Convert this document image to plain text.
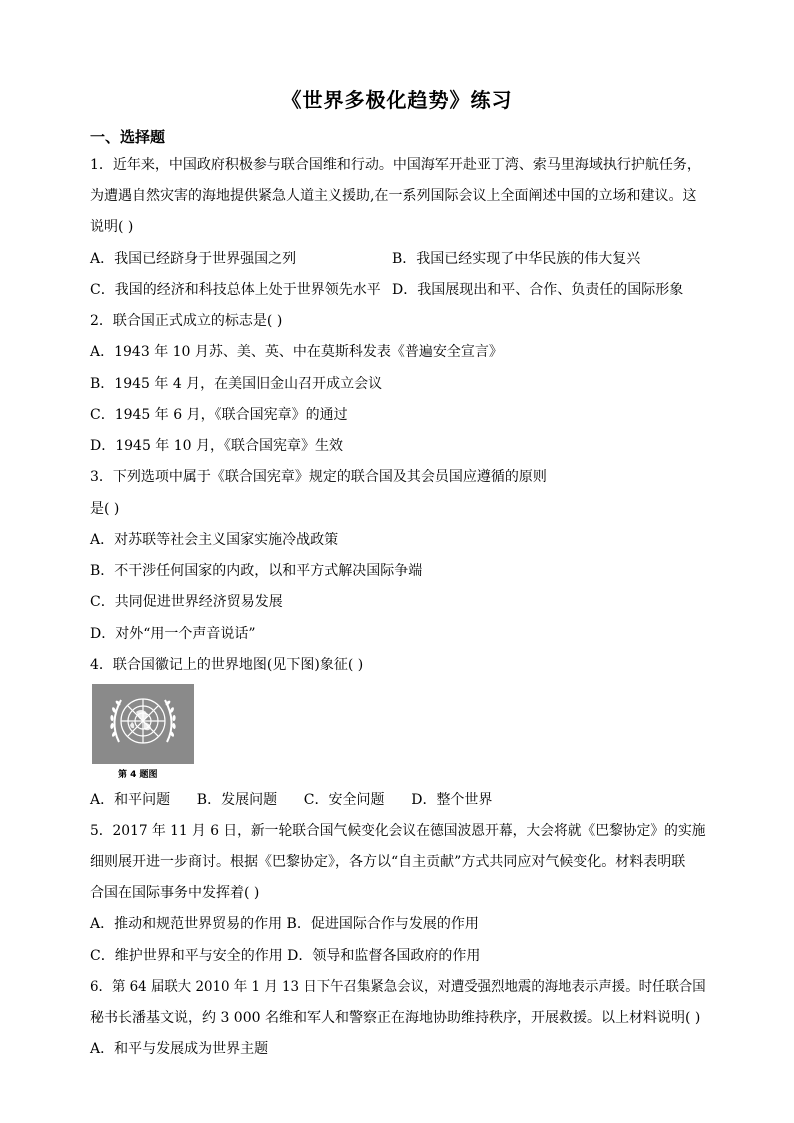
《世界多极化趋势》练习
一、选择题
1．近年来，中国政府积极参与联合国维和行动。中国海军开赴亚丁湾、索马里海域执行护航任务，
为遭遇自然灾害的海地提供紧急人道主义援助,在一系列国际会议上全面阐述中国的立场和建议。这
说明( )
A．我国已经跻身于世界强国之列	B．我国已经实现了中华民族的伟大复兴
C．我国的经济和科技总体上处于世界领先水平 D．我国展现出和平、合作、负责任的国际形象
2．联合国正式成立的标志是( )
A．1943 年 10 月苏、美、英、中在莫斯科发表《普遍安全宣言》
B．1945 年 4 月，在美国旧金山召开成立会议
C．1945 年 6 月，《联合国宪章》的通过
D．1945 年 10 月，《联合国宪章》生效
3．下列选项中属于《联合国宪章》规定的联合国及其会员国应遵循的原则
是( )
A．对苏联等社会主义国家实施冷战政策
B．不干涉任何国家的内政，以和平方式解决国际争端
C．共同促进世界经济贸易发展
D．对外“用一个声音说话”
4．联合国徽记上的世界地图(见下图)象征( )
第 4 题图
A．和平问题      B．发展问题      C．安全问题      D．整个世界
5．2017 年 11 月 6 日，新一轮联合国气候变化会议在德国波恩开幕，大会将就《巴黎协定》的实施
细则展开进一步商讨。根据《巴黎协定》，各方以“自主贡献”方式共同应对气候变化。材料表明联
合国在国际事务中发挥着( )
A．推动和规范世界贸易的作用 B．促进国际合作与发展的作用
C．维护世界和平与安全的作用 D．领导和监督各国政府的作用
6．第 64 届联大 2010 年 1 月 13 日下午召集紧急会议，对遭受强烈地震的海地表示声援。时任联合国
秘书长潘基文说，约 3 000 名维和军人和警察正在海地协助维持秩序，开展救援。以上材料说明( )
A．和平与发展成为世界主题
